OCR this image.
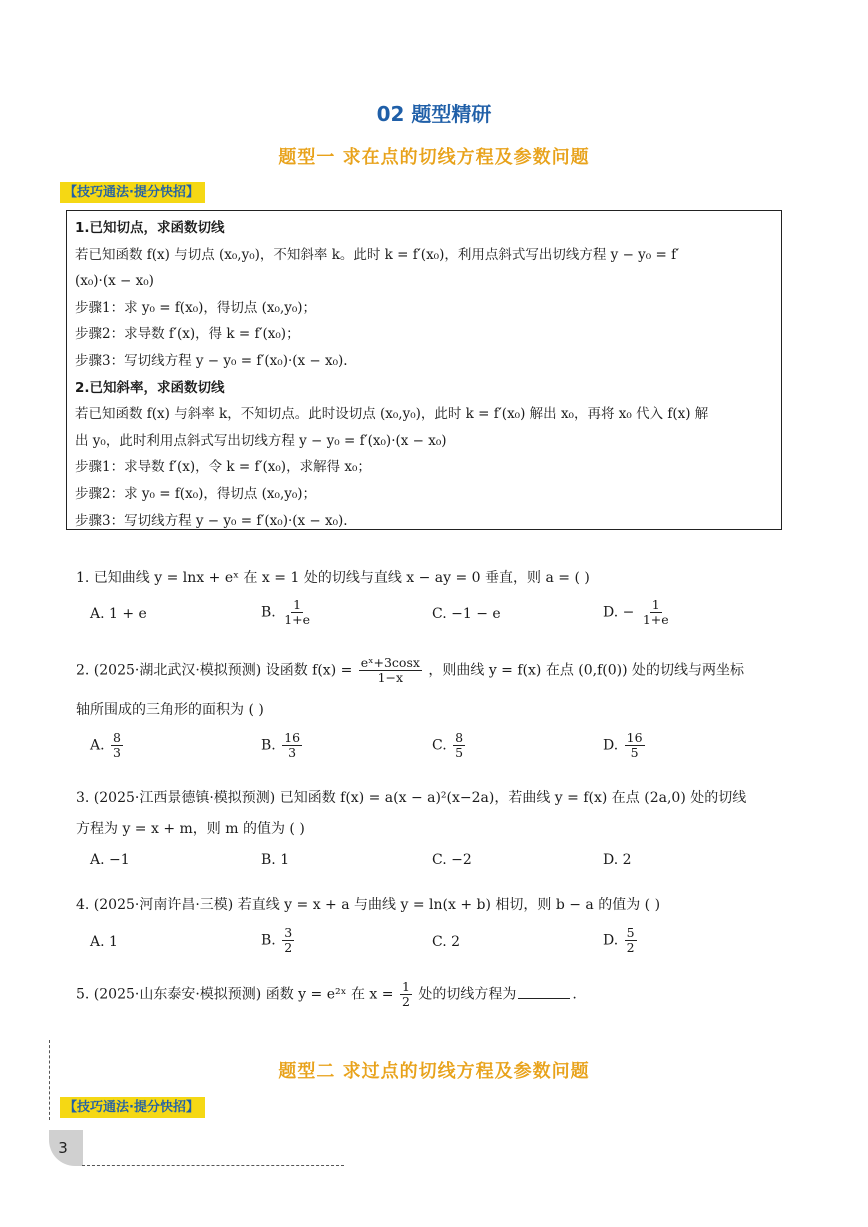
02 题型精研
题型一 求在点的切线方程及参数问题
【技巧通法·提分快招】
1.已知切点，求函数切线
若已知函数 f(x) 与切点 (x₀,y₀)，不知斜率 k。此时 k = f′(x₀)，利用点斜式写出切线方程 y − y₀ = f′
(x₀)·(x − x₀)
步骤1：求 y₀ = f(x₀)，得切点 (x₀,y₀)；
步骤2：求导数 f′(x)，得 k = f′(x₀)；
步骤3：写切线方程 y − y₀ = f′(x₀)·(x − x₀).
2.已知斜率，求函数切线
若已知函数 f(x) 与斜率 k，不知切点。此时设切点 (x₀,y₀)，此时 k = f′(x₀) 解出 x₀，再将 x₀ 代入 f(x) 解
出 y₀，此时利用点斜式写出切线方程 y − y₀ = f′(x₀)·(x − x₀)
步骤1：求导数 f′(x)，令 k = f′(x₀)，求解得 x₀；
步骤2：求 y₀ = f(x₀)，得切点 (x₀,y₀)；
步骤3：写切线方程 y − y₀ = f′(x₀)·(x − x₀).
1. 已知曲线 y = lnx + eˣ 在 x = 1 处的切线与直线 x − ay = 0 垂直，则 a = ( )
A. 1 + e	B. $\frac{1}{1+e}$	C. −1 − e	D. − $\frac{1}{1+e}$
2. (2025·湖北武汉·模拟预测) 设函数 $f(x) = \frac{\text{eˣ+3cosx}}{1-x}$ ，则曲线 y = f(x) 在点 (0,f(0)) 处的切线与两坐标
轴所围成的三角形的面积为 ( )
A. $\frac{8}{3}$	B. $\frac{16}{3}$	C. $\frac{8}{5}$	D. $\frac{16}{5}$
3. (2025·江西景德镇·模拟预测) 已知函数 f(x) = a(x − a)²(x−2a)，若曲线 y = f(x) 在点 (2a,0) 处的切线
方程为 y = x + m，则 m 的值为 ( )
A. −1	B. 1	C. −2	D. 2
4. (2025·河南许昌·三模) 若直线 y = x + a 与曲线 y = ln(x + b) 相切，则 b − a 的值为 ( )
A. 1	B. $\frac{3}{2}$	C. 2	D. $\frac{5}{2}$
5. (2025·山东泰安·模拟预测) 函数 y = e²ˣ 在 $x = \frac{1}{2}$ 处的切线方程为	.
题型二 求过点的切线方程及参数问题
【技巧通法·提分快招】
3
